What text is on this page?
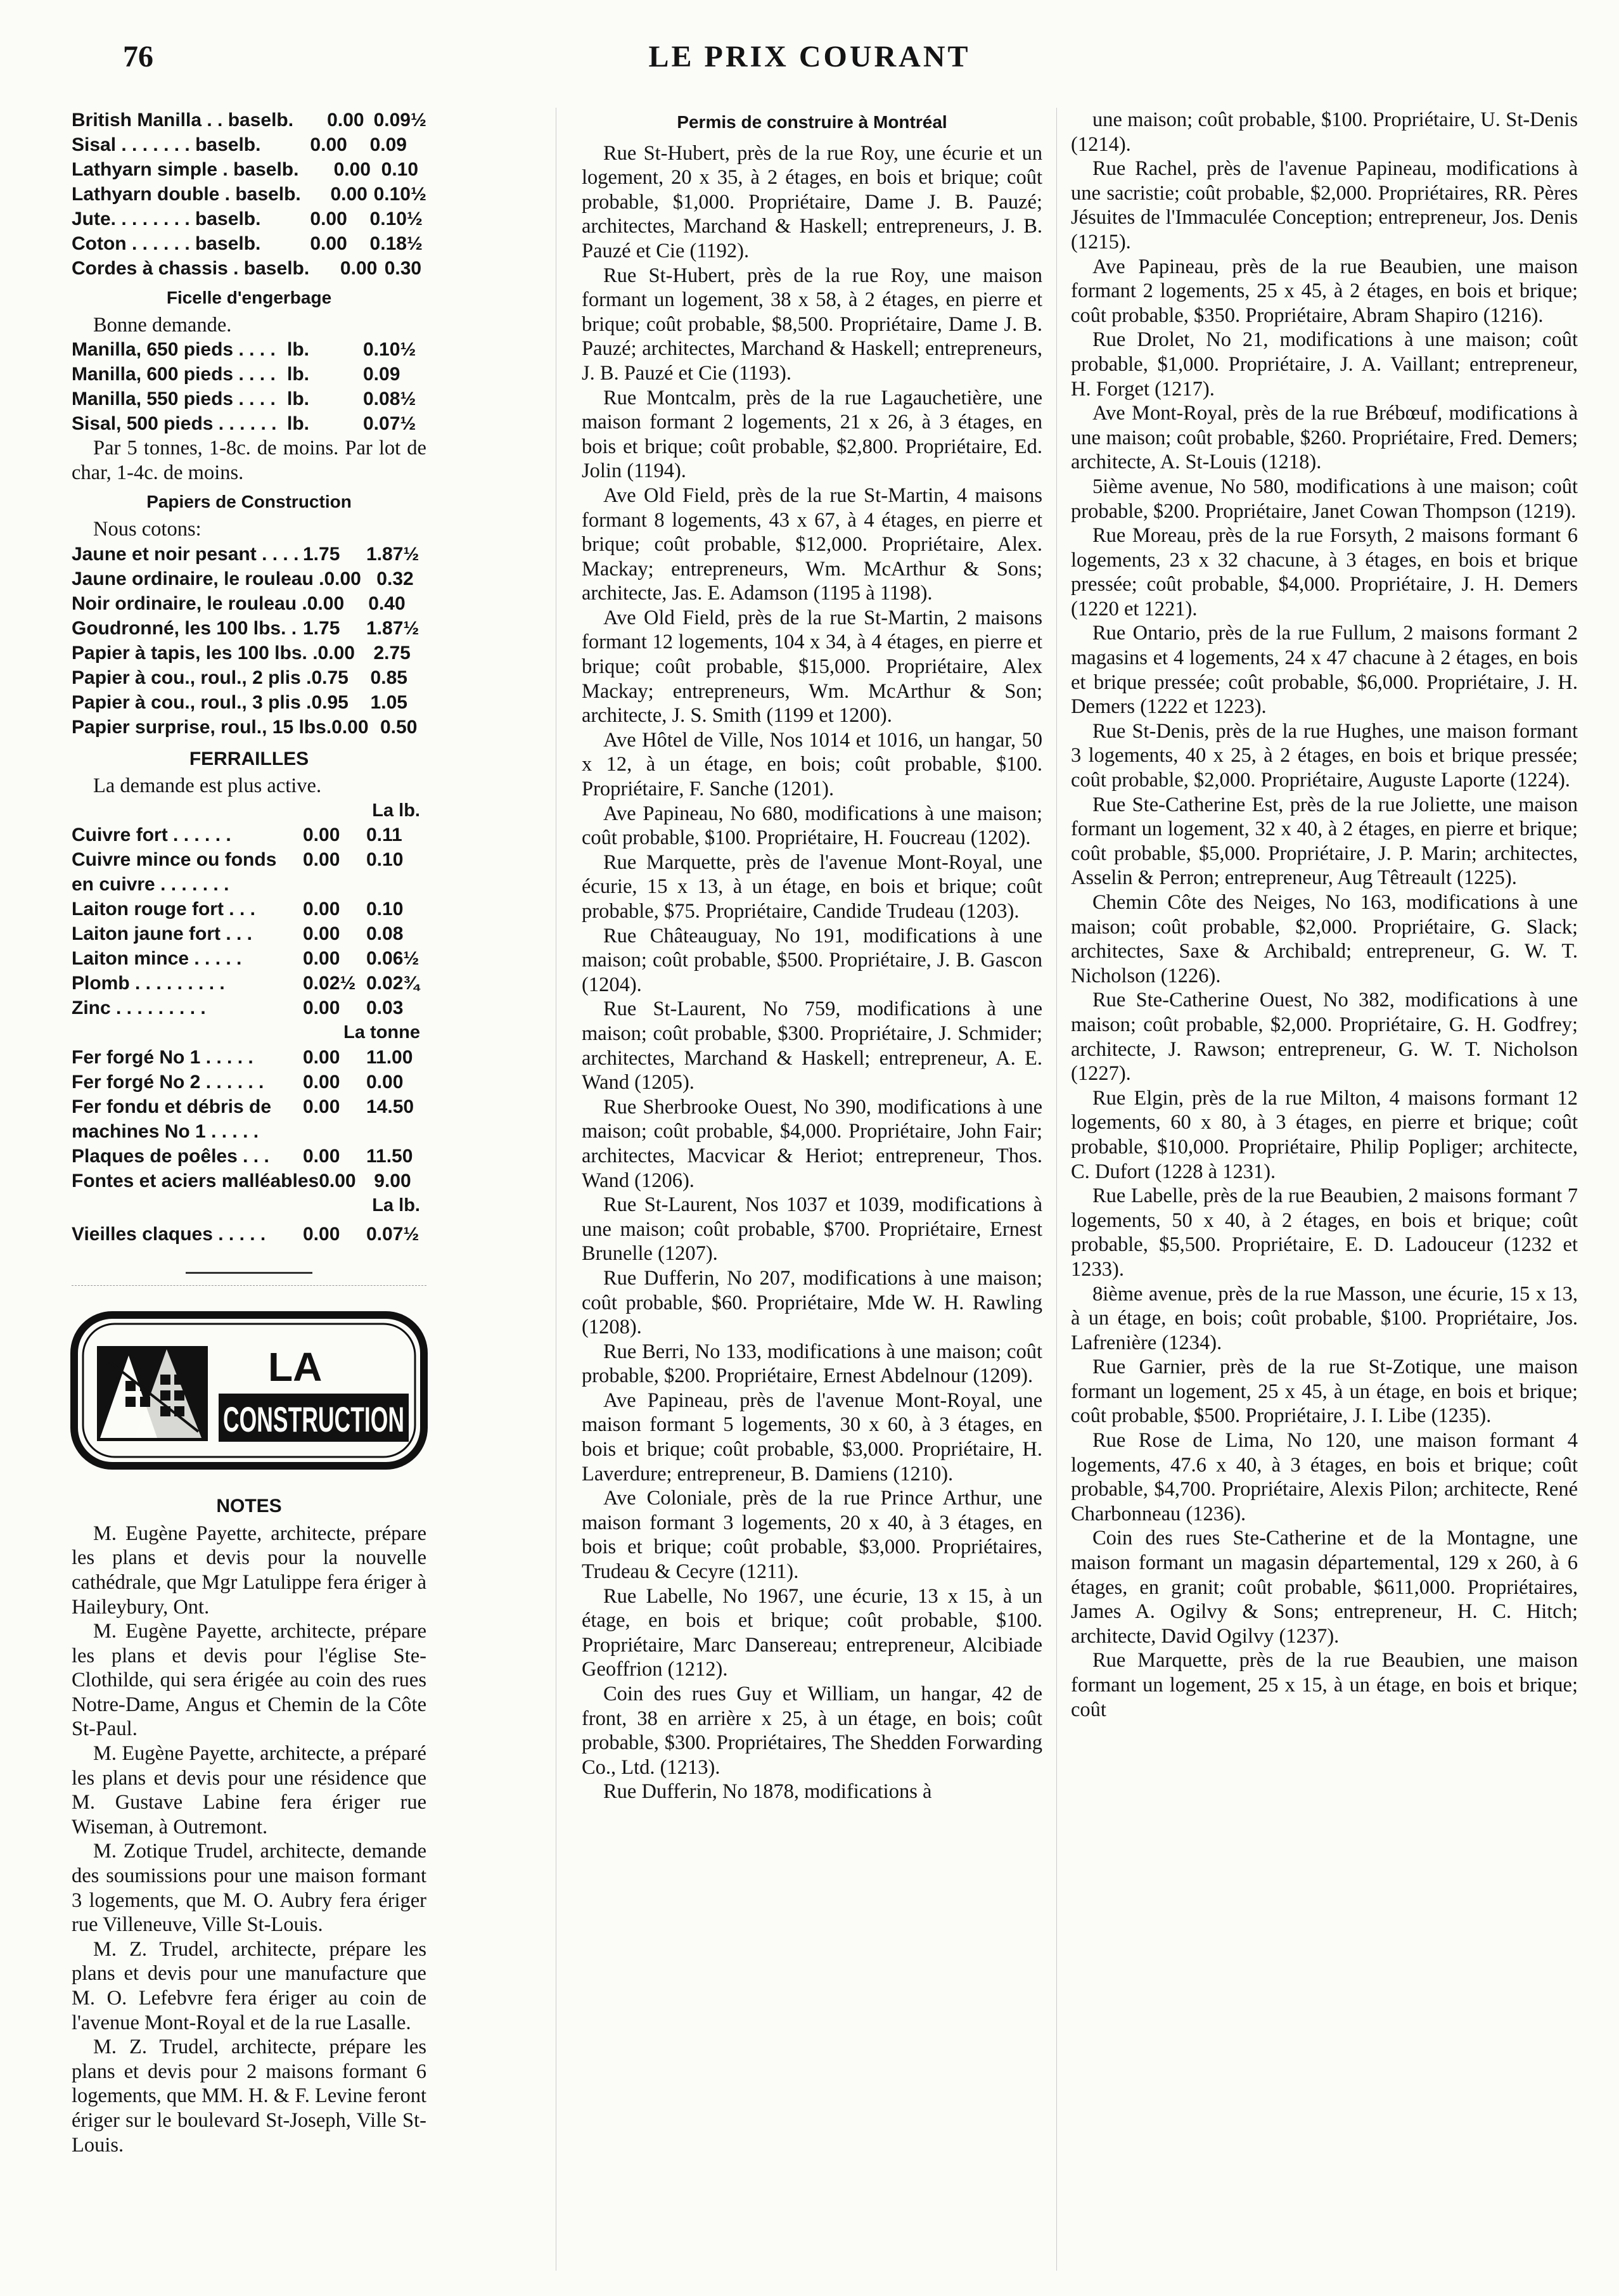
76	LE PRIX COURANT
British Manilla . . base lb.	0.00 0.09½
Sisal . . . . . . . base lb.	0.00	0.09
Lathyarn simple . base lb.	0.00 0.10
Lathyarn double . base lb.	0.00 0.10½
Jute. . . . . . . . base lb.	0.00	0.10½
Coton . . . . . . base lb.	0.00	0.18½
Cordes à chassis . base lb.	0.00 0.30
Ficelle d'engerbage

Bonne demande.

Manilla, 650 pieds . . . . lb.	0.10½
Manilla, 600 pieds . . . . lb.	0.09
Manilla, 550 pieds . . . . lb.	0.08½
Sisal, 500 pieds . . . . . . lb.	0.07½

Par 5 tonnes, 1-8c. de moins. Par lot de char, 1-4c. de moins.

Papiers de Construction

Nous cotons:

Jaune et noir pesant . . . . 1.75	1.87½
Jaune ordinaire, le rouleau . 0.00 0.32
Noir ordinaire, le rouleau . 0.00	0.40
Goudronné, les 100 lbs. . 1.75	1.87½
Papier à tapis, les 100 lbs. . 0.00 2.75
Papier à cou., roul., 2 plis . 0.75	0.85
Papier à cou., roul., 3 plis . 0.95	1.05
Papier surprise, roul., 15 lbs. 0.00 0.50
FERRAILLES

La demande est plus active.

La lb.
Cuivre fort . . . . . .	0.00	0.11
Cuivre mince ou fonds en cuivre . . . . . . .
0.00	0.10
Laiton rouge fort . . .	0.00	0.10
Laiton jaune fort . . .	0.00	0.08
Laiton mince . . . . .	0.00	0.06½
Plomb . . . . . . . . .	0.02½ 0.02¾
Zinc . . . . . . . . .	0.00	0.03
La tonne
Fer forgé No 1 . . . . .	0.00	11.00
Fer forgé No 2 . . . . . .	0.00	0.00
Fer fondu et débris de machines No 1 . . . . .
0.00	14.50
Plaques de poêles . . .	0.00	11.50
Fontes et aciers malléables 0.00 9.00
La lb.
Vieilles claques . . . . .	0.00	0.07½
LA
CONSTRUCTION
NOTES

M. Eugène Payette, architecte, prépare les plans et devis pour la nouvelle cathédrale, que Mgr Latulippe fera ériger à Haileybury, Ont.

M. Eugène Payette, architecte, prépare les plans et devis pour l'église Ste-Clothilde, qui sera érigée au coin des rues Notre-Dame, Angus et Chemin de la Côte St-Paul.

M. Eugène Payette, architecte, a préparé les plans et devis pour une résidence que M. Gustave Labine fera ériger rue Wiseman, à Outremont.

M. Zotique Trudel, architecte, demande des soumissions pour une maison formant 3 logements, que M. O. Aubry fera ériger rue Villeneuve, Ville St-Louis.

M. Z. Trudel, architecte, prépare les plans et devis pour une manufacture que M. O. Lefebvre fera ériger au coin de l'avenue Mont-Royal et de la rue Lasalle.

M. Z. Trudel, architecte, prépare les plans et devis pour 2 maisons formant 6 logements, que MM. H. & F. Levine feront ériger sur le boulevard St-Joseph, Ville St-Louis.

Permis de construire à Montréal

Rue St-Hubert, près de la rue Roy, une écurie et un logement, 20 x 35, à 2 étages, en bois et brique; coût probable, $1,000. Propriétaire, Dame J. B. Pauzé; architectes, Marchand & Haskell; entrepreneurs, J. B. Pauzé et Cie (1192).

Rue St-Hubert, près de la rue Roy, une maison formant un logement, 38 x 58, à 2 étages, en pierre et brique; coût probable, $8,500. Propriétaire, Dame J. B. Pauzé; architectes, Marchand & Haskell; entrepreneurs, J. B. Pauzé et Cie (1193).

Rue Montcalm, près de la rue Lagauchetière, une maison formant 2 logements, 21 x 26, à 3 étages, en bois et brique; coût probable, $2,800. Propriétaire, Ed. Jolin (1194).

Ave Old Field, près de la rue St-Martin, 4 maisons formant 8 logements, 43 x 67, à 4 étages, en pierre et brique; coût probable, $12,000. Propriétaire, Alex. Mackay; entrepreneurs, Wm. McArthur & Sons; architecte, Jas. E. Adamson (1195 à 1198).

Ave Old Field, près de la rue St-Martin, 2 maisons formant 12 logements, 104 x 34, à 4 étages, en pierre et brique; coût probable, $15,000. Propriétaire, Alex Mackay; entrepreneurs, Wm. McArthur & Son; architecte, J. S. Smith (1199 et 1200).

Ave Hôtel de Ville, Nos 1014 et 1016, un hangar, 50 x 12, à un étage, en bois; coût probable, $100. Propriétaire, F. Sanche (1201).

Ave Papineau, No 680, modifications à une maison; coût probable, $100. Propriétaire, H. Foucreau (1202).

Rue Marquette, près de l'avenue Mont-Royal, une écurie, 15 x 13, à un étage, en bois et brique; coût probable, $75. Propriétaire, Candide Trudeau (1203).

Rue Châteauguay, No 191, modifications à une maison; coût probable, $500. Propriétaire, J. B. Gascon (1204).

Rue St-Laurent, No 759, modifications à une maison; coût probable, $300. Propriétaire, J. Schmider; architectes, Marchand & Haskell; entrepreneur, A. E. Wand (1205).

Rue Sherbrooke Ouest, No 390, modifications à une maison; coût probable, $4,000. Propriétaire, John Fair; architectes, Macvicar & Heriot; entrepreneur, Thos. Wand (1206).

Rue St-Laurent, Nos 1037 et 1039, modifications à une maison; coût probable, $700. Propriétaire, Ernest Brunelle (1207).

Rue Dufferin, No 207, modifications à une maison; coût probable, $60. Propriétaire, Mde W. H. Rawling (1208).

Rue Berri, No 133, modifications à une maison; coût probable, $200. Propriétaire, Ernest Abdelnour (1209).

Ave Papineau, près de l'avenue Mont-Royal, une maison formant 5 logements, 30 x 60, à 3 étages, en bois et brique; coût probable, $3,000. Propriétaire, H. Laverdure; entrepreneur, B. Damiens (1210).

Ave Coloniale, près de la rue Prince Arthur, une maison formant 3 logements, 20 x 40, à 3 étages, en bois et brique; coût probable, $3,000. Propriétaires, Trudeau & Cecyre (1211).

Rue Labelle, No 1967, une écurie, 13 x 15, à un étage, en bois et brique; coût probable, $100. Propriétaire, Marc Dansereau; entrepreneur, Alcibiade Geoffrion (1212).

Coin des rues Guy et William, un hangar, 42 de front, 38 en arrière x 25, à un étage, en bois; coût probable, $300. Propriétaires, The Shedden Forwarding Co., Ltd. (1213).

Rue Dufferin, No 1878, modifications à

une maison; coût probable, $100. Propriétaire, U. St-Denis (1214).

Rue Rachel, près de l'avenue Papineau, modifications à une sacristie; coût probable, $2,000. Propriétaires, RR. Pères Jésuites de l'Immaculée Conception; entrepreneur, Jos. Denis (1215).

Ave Papineau, près de la rue Beaubien, une maison formant 2 logements, 25 x 45, à 2 étages, en bois et brique; coût probable, $350. Propriétaire, Abram Shapiro (1216).

Rue Drolet, No 21, modifications à une maison; coût probable, $1,000. Propriétaire, J. A. Vaillant; entrepreneur, H. Forget (1217).

Ave Mont-Royal, près de la rue Brébœuf, modifications à une maison; coût probable, $260. Propriétaire, Fred. Demers; architecte, A. St-Louis (1218).

5ième avenue, No 580, modifications à une maison; coût probable, $200. Propriétaire, Janet Cowan Thompson (1219).

Rue Moreau, près de la rue Forsyth, 2 maisons formant 6 logements, 23 x 32 chacune, à 3 étages, en bois et brique pressée; coût probable, $4,000. Propriétaire, J. H. Demers (1220 et 1221).

Rue Ontario, près de la rue Fullum, 2 maisons formant 2 magasins et 4 logements, 24 x 47 chacune à 2 étages, en bois et brique pressée; coût probable, $6,000. Propriétaire, J. H. Demers (1222 et 1223).

Rue St-Denis, près de la rue Hughes, une maison formant 3 logements, 40 x 25, à 2 étages, en bois et brique pressée; coût probable, $2,000. Propriétaire, Auguste Laporte (1224).

Rue Ste-Catherine Est, près de la rue Joliette, une maison formant un logement, 32 x 40, à 2 étages, en pierre et brique; coût probable, $5,000. Propriétaire, J. P. Marin; architectes, Asselin & Perron; entrepreneur, Aug Têtreault (1225).

Chemin Côte des Neiges, No 163, modifications à une maison; coût probable, $2,000. Propriétaire, G. Slack; architectes, Saxe & Archibald; entrepreneur, G. W. T. Nicholson (1226).

Rue Ste-Catherine Ouest, No 382, modifications à une maison; coût probable, $2,000. Propriétaire, G. H. Godfrey; architecte, J. Rawson; entrepreneur, G. W. T. Nicholson (1227).

Rue Elgin, près de la rue Milton, 4 maisons formant 12 logements, 60 x 80, à 3 étages, en pierre et brique; coût probable, $10,000. Propriétaire, Philip Popliger; architecte, C. Dufort (1228 à 1231).

Rue Labelle, près de la rue Beaubien, 2 maisons formant 7 logements, 50 x 40, à 2 étages, en bois et brique; coût probable, $5,500. Propriétaire, E. D. Ladouceur (1232 et 1233).

8ième avenue, près de la rue Masson, une écurie, 15 x 13, à un étage, en bois; coût probable, $100. Propriétaire, Jos. Lafrenière (1234).

Rue Garnier, près de la rue St-Zotique, une maison formant un logement, 25 x 45, à un étage, en bois et brique; coût probable, $500. Propriétaire, J. I. Libe (1235).

Rue Rose de Lima, No 120, une maison formant 4 logements, 47.6 x 40, à 3 étages, en bois et brique; coût probable, $4,700. Propriétaire, Alexis Pilon; architecte, René Charbonneau (1236).

Coin des rues Ste-Catherine et de la Montagne, une maison formant un magasin départemental, 129 x 260, à 6 étages, en granit; coût probable, $611,000. Propriétaires, James A. Ogilvy & Sons; entrepreneur, H. C. Hitch; architecte, David Ogilvy (1237).

Rue Marquette, près de la rue Beaubien, une maison formant un logement, 25 x 15, à un étage, en bois et brique; coût
